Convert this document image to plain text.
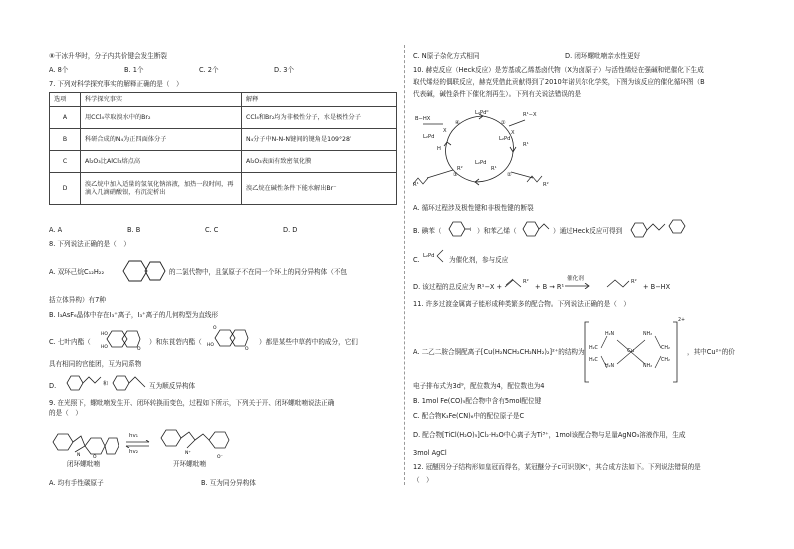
⑧干冰升华时，分子内共价键会发生断裂
A. 8个	B. 1个	C. 2个	D. 3个
7. 下列对科学探究事实的解释正确的是（　）
选项	科学探究事实	解释
A	用CCl₄萃取溴水中的Br₂	CCl₄和Br₂均为非极性分子，水是极性分子
B	科研合成的N₄为正四面体分子	N₄分子中N-N-N键间的键角是109°28′
C	Al₂O₃比AlCl₃熔点高	Al₂O₃表面有致密氧化膜
D	溴乙烷中加入适量的氢氧化钠溶液，加热一段时间，再滴入几滴硝酸银，有沉淀析出	溴乙烷在碱性条件下能水解出Br⁻
A. A	B. B	C. C	D. D
8. 下列说法正确的是（　）
A. 双环己烷C₁₂H₂₂	的二氯代物中，且氯原子不在同一个环上的同分异构体（不包
括立体异构）有7种
B. I₃AsF₆晶体中存在I₃⁺离子，I₃⁺离子的几何构型为直线形
C. 七叶内酯（
HO
HO	O
）和东莨菪内酯（
O
HO
O
）都是某些中草药中的成分，它们
具有相同的官能团，互为同系物
D.	和	互为顺反异构体
9. 在光照下，螺吡喃发生开、闭环转换而变色，过程如下所示，下列关于开、闭环螺吡喃说法正确
的是（　）
N	O
闭环螺吡喃
hv₁
hv₂	N⁺
O⁻
开环螺吡喃
A. 均有手性碳原子	B. 互为同分异构体
C. N原子杂化方式相同	D. 闭环螺吡喃亲水性更好
10. 赫克反应（Heck反应）是芳基或乙烯基卤代物（X为卤原子）与活性烯烃在强碱和钯催化下生成
取代烯烃的偶联反应，赫克凭借此贡献得到了2010年诺贝尔化学奖，下图为该反应的催化循环图（B
代表碱，碱性条件下催化剂再生）。下列有关说法错误的是
B−HX
L₂Pd⁰	R¹−X
X
L₂Pd
R¹
L₂Pd
X
H
L₂Pd
R¹
R²
R¹	R²
④	①
②
③
A. 循环过程涉及极性键和非极性键的断裂
B. 碘苯（	I ）和苯乙烯（	）通过Heck反应可得到
C. L₂Pd 为催化剂，参与反应
D. 该过程的总反应为 R¹−X +
R²	催化剂
+ B → R¹
R²
+ B−HX
11. 许多过渡金属离子能形成种类繁多的配合物。下列说法正确的是（　）
A. 二乙二胺合铜配离子[Cu(H₂NCH₂CH₂NH₂)₂]²⁺的结构为 H₂C	CH₂
H₂N	NH₂
Cu
H₂N	NH₂
H₂C	CH₂
2+
，其中Cu²⁺的价
电子排布式为3d⁹，配位数为4，配位数也为4
B. 1mol Fe(CO)₅配合物中含有5mol配位键
C. 配合物K₃Fe(CN)₆中的配位原子是C
D. 配合物[TiCl(H₂O)₅]Cl₂·H₂O中心离子为Ti³⁺，1mol该配合物与足量AgNO₃溶液作用，生成
3mol AgCl
12. 冠醚因分子结构形如皇冠而得名，某冠醚分子c可识别K⁺，其合成方法如下。下列说法错误的是
（　）
